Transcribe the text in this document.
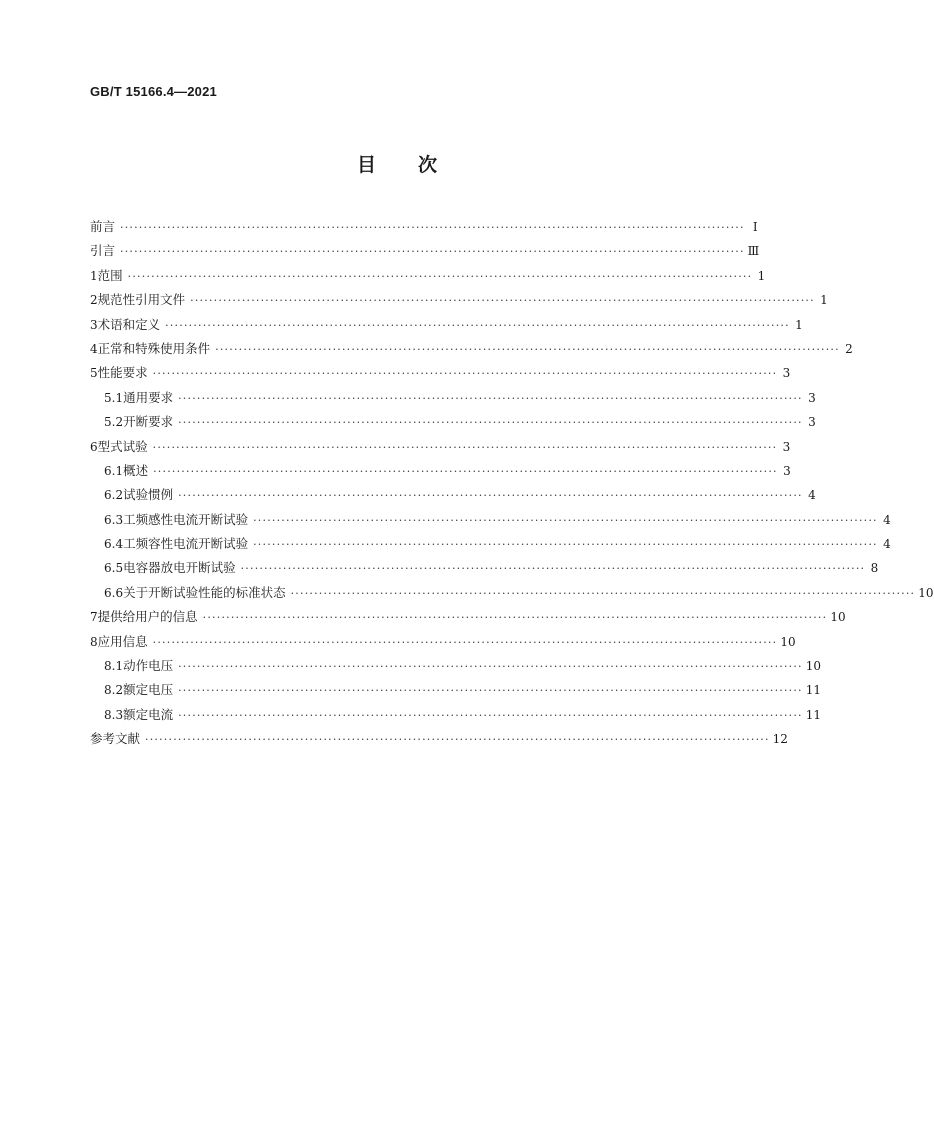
GB/T 15166.4—2021
目次
前言 ····································································································································· Ⅰ
引言 ····································································································································· Ⅲ
1 范围 ····································································································································· 1
2 规范性引用文件 ····································································································································· 1
3 术语和定义 ····································································································································· 1
4 正常和特殊使用条件 ····································································································································· 2
5 性能要求 ····································································································································· 3
5.1 通用要求 ····································································································································· 3
5.2 开断要求 ····································································································································· 3
6 型式试验 ····································································································································· 3
6.1 概述 ····································································································································· 3
6.2 试验惯例 ····································································································································· 4
6.3 工频感性电流开断试验 ····································································································································· 4
6.4 工频容性电流开断试验 ····································································································································· 4
6.5 电容器放电开断试验 ····································································································································· 8
6.6 关于开断试验性能的标准状态 ····································································································································· 10
7 提供给用户的信息 ····································································································································· 10
8 应用信息 ····································································································································· 10
8.1 动作电压 ····································································································································· 10
8.2 额定电压 ····································································································································· 11
8.3 额定电流 ····································································································································· 11
参考文献 ····································································································································· 12
